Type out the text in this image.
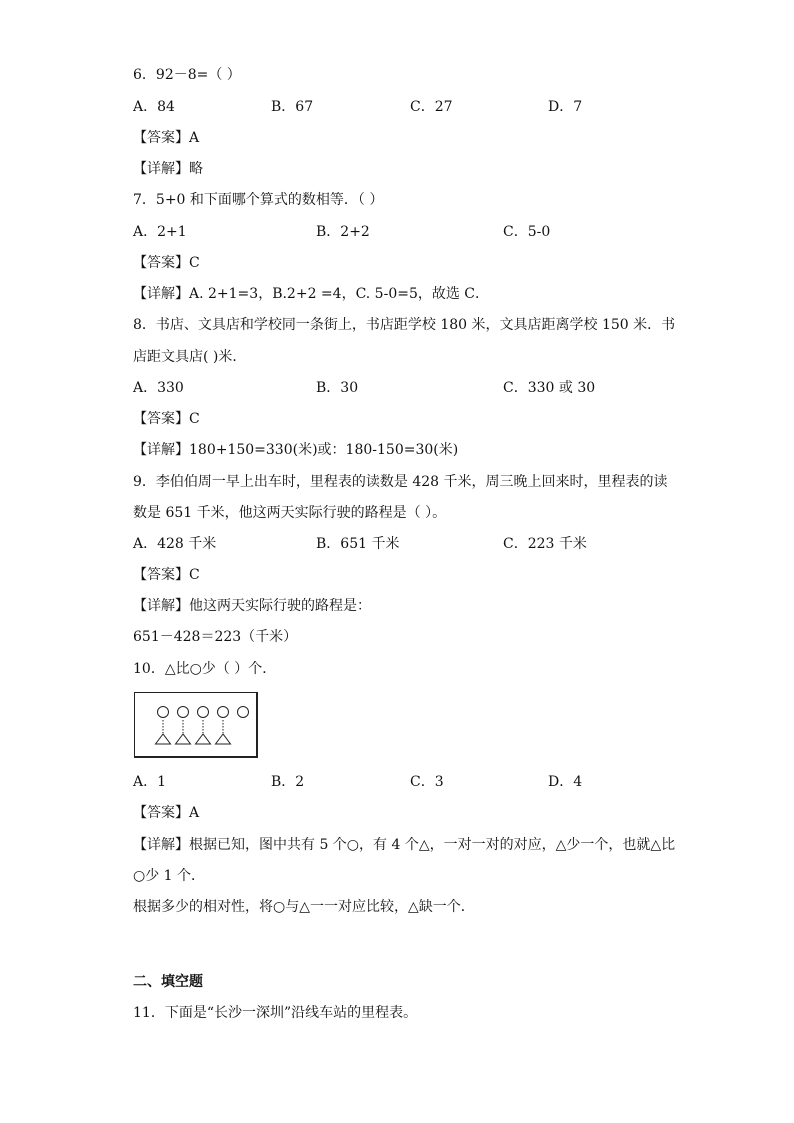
6．92－8=（ ）
A．84	B．67	C．27	D．7
【答案】A
【详解】略
7．5+0 和下面哪个算式的数相等．（ ）
A．2+1	B．2+2	C．5-0
【答案】C
【详解】A. 2+1=3，B.2+2 =4，C. 5-0=5，故选 C．
8．书店、文具店和学校同一条街上，书店距学校 180 米，文具店距离学校 150 米．书
店距文具店( )米．
A．330	B．30	C．330 或 30
【答案】C
【详解】180+150=330(米)或：180-150=30(米)
9．李伯伯周一早上出车时，里程表的读数是 428 千米，周三晚上回来时，里程表的读
数是 651 千米，他这两天实际行驶的路程是（ ）。
A．428 千米	B．651 千米	C．223 千米
【答案】C
【详解】他这两天实际行驶的路程是：
651－428＝223（千米）
10．△比○少（ ）个．
A．1	B．2	C．3	D．4
【答案】A
【详解】根据已知，图中共有 5 个○，有 4 个△，一对一对的对应，△少一个，也就△比
○少 1 个．
根据多少的相对性，将○与△一一对应比较，△缺一个．
二、填空题
11．下面是“长沙一深圳”沿线车站的里程表。
